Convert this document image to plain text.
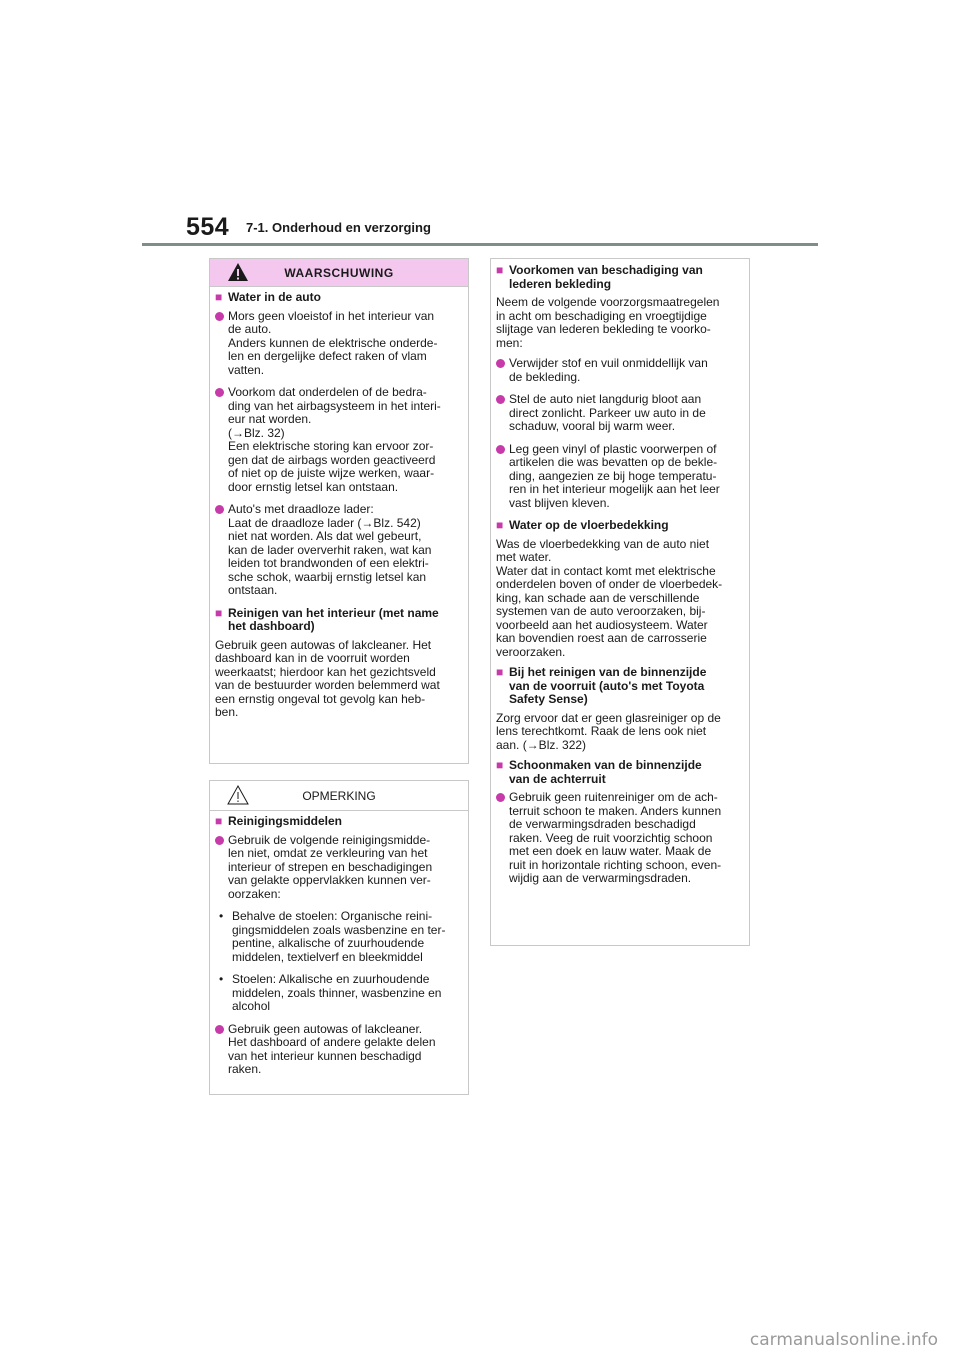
554 7-1. Onderhoud en verzorging
WAARSCHUWING
■ Water in de auto
Mors geen vloeistof in het interieur van
de auto.
Anders kunnen de elektrische onderde-
len en dergelijke defect raken of vlam
vatten.
Voorkom dat onderdelen of de bedra-
ding van het airbagsysteem in het interi-
eur nat worden.
(→Blz. 32)
Een elektrische storing kan ervoor zor-
gen dat de airbags worden geactiveerd
of niet op de juiste wijze werken, waar-
door ernstig letsel kan ontstaan.
Auto's met draadloze lader:
Laat de draadloze lader (→Blz. 542)
niet nat worden. Als dat wel gebeurt,
kan de lader oververhit raken, wat kan
leiden tot brandwonden of een elektri-
sche schok, waarbij ernstig letsel kan
ontstaan.
■ Reinigen van het interieur (met name
het dashboard)
Gebruik geen autowas of lakcleaner. Het
dashboard kan in de voorruit worden
weerkaatst; hierdoor kan het gezichtsveld
van de bestuurder worden belemmerd wat
een ernstig ongeval tot gevolg kan heb-
ben.
OPMERKING
■ Reinigingsmiddelen
Gebruik de volgende reinigingsmidde-
len niet, omdat ze verkleuring van het
interieur of strepen en beschadigingen
van gelakte oppervlakken kunnen ver-
oorzaken:
• Behalve de stoelen: Organische reini-
gingsmiddelen zoals wasbenzine en ter-
pentine, alkalische of zuurhoudende
middelen, textielverf en bleekmiddel
• Stoelen: Alkalische en zuurhoudende
middelen, zoals thinner, wasbenzine en
alcohol
Gebruik geen autowas of lakcleaner.
Het dashboard of andere gelakte delen
van het interieur kunnen beschadigd
raken.
■ Voorkomen van beschadiging van
lederen bekleding
Neem de volgende voorzorgsmaatregelen
in acht om beschadiging en vroegtijdige
slijtage van lederen bekleding te voorko-
men:
Verwijder stof en vuil onmiddellijk van
de bekleding.
Stel de auto niet langdurig bloot aan
direct zonlicht. Parkeer uw auto in de
schaduw, vooral bij warm weer.
Leg geen vinyl of plastic voorwerpen of
artikelen die was bevatten op de bekle-
ding, aangezien ze bij hoge temperatu-
ren in het interieur mogelijk aan het leer
vast blijven kleven.
■ Water op de vloerbedekking
Was de vloerbedekking van de auto niet
met water.
Water dat in contact komt met elektrische
onderdelen boven of onder de vloerbedek-
king, kan schade aan de verschillende
systemen van de auto veroorzaken, bij-
voorbeeld aan het audiosysteem. Water
kan bovendien roest aan de carrosserie
veroorzaken.
■ Bij het reinigen van de binnenzijde
van de voorruit (auto's met Toyota
Safety Sense)
Zorg ervoor dat er geen glasreiniger op de
lens terechtkomt. Raak de lens ook niet
aan. (→Blz. 322)
■ Schoonmaken van de binnenzijde
van de achterruit
Gebruik geen ruitenreiniger om de ach-
terruit schoon te maken. Anders kunnen
de verwarmingsdraden beschadigd
raken. Veeg de ruit voorzichtig schoon
met een doek en lauw water. Maak de
ruit in horizontale richting schoon, even-
wijdig aan de verwarmingsdraden.
carmanualsonline.info
